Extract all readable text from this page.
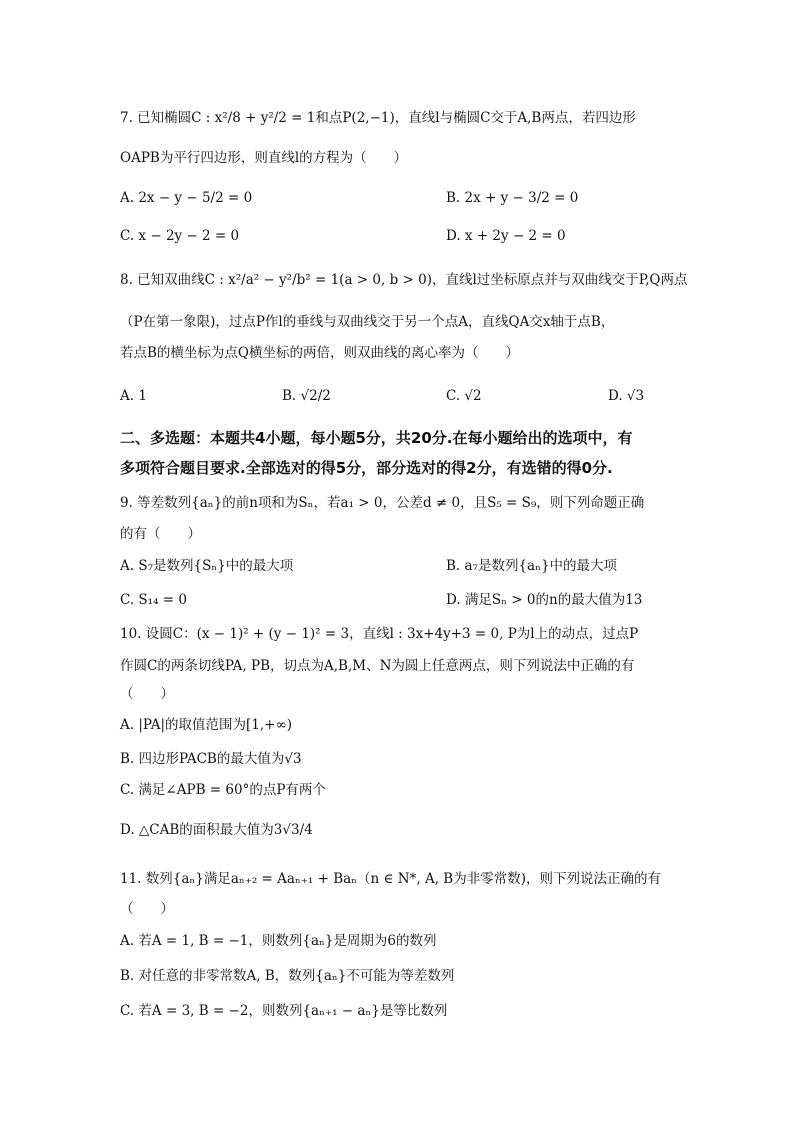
7. 已知椭圆C : x²/8 + y²/2 = 1和点P(2,−1)，直线l与椭圆C交于A,B两点，若四边形
OAPB为平行四边形，则直线l的方程为（　　）
A. 2x − y − 5/2 = 0	B. 2x + y − 3/2 = 0
C. x − 2y − 2 = 0	D. x + 2y − 2 = 0
8. 已知双曲线C : x²/a² − y²/b² = 1(a > 0, b > 0)，直线l过坐标原点并与双曲线交于P,Q两点
（P在第一象限)，过点P作l的垂线与双曲线交于另一个点A，直线QA交x轴于点B，
若点B的横坐标为点Q横坐标的两倍，则双曲线的离心率为（　　）
A. 1	B. √2/2	C. √2	D. √3
二、多选题：本题共4小题，每小题5分，共20分.在每小题给出的选项中，有
多项符合题目要求.全部选对的得5分，部分选对的得2分，有选错的得0分.
9. 等差数列{aₙ}的前n项和为Sₙ，若a₁ > 0，公差d ≠ 0，且S₅ = S₉，则下列命题正确
的有（　　）
A. S₇是数列{Sₙ}中的最大项	B. a₇是数列{aₙ}中的最大项
C. S₁₄ = 0	D. 满足Sₙ > 0的n的最大值为13
10. 设圆C：(x − 1)² + (y − 1)² = 3，直线l : 3x+4y+3 = 0, P为l上的动点，过点P
作圆C的两条切线PA, PB，切点为A,B,M、N为圆上任意两点，则下列说法中正确的有
（　　）
A. |PA|的取值范围为[1,+∞)
B. 四边形PACB的最大值为√3
C. 满足∠APB = 60°的点P有两个
D. △CAB的面积最大值为3√3/4
11. 数列{aₙ}满足aₙ₊₂ = Aaₙ₊₁ + Baₙ（n ∈ N*, A, B为非零常数)，则下列说法正确的有
（　　）
A. 若A = 1, B = −1，则数列{aₙ}是周期为6的数列
B. 对任意的非零常数A, B，数列{aₙ}不可能为等差数列
C. 若A = 3, B = −2，则数列{aₙ₊₁ − aₙ}是等比数列
